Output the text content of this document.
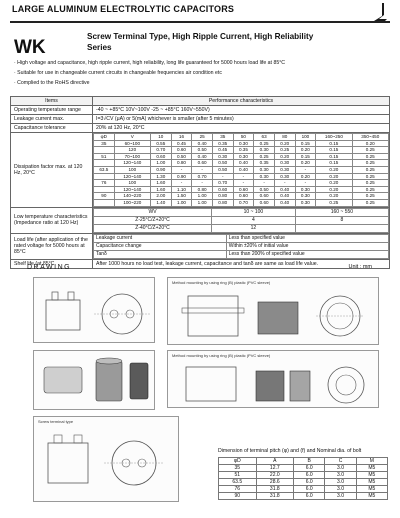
LARGE ALUMINUM ELECTROLYTIC CAPACITORS
WK
Screw Terminal Type, High Ripple Current, High Reliability Series
· High voltage and capacitance, high ripple current, high reliability, long life guaranteed for 5000 hours load life at 85°C
· Suitable for use in changeable current circuits in changeable frequencies air condition etc
· Complied to the RoHS directive
Items	Performance characteristics
Operating temperature range	-40 ~ +85°C 10V~100V -25 ~ +85°C 160V~550V)
Leakage current max.	I=3√CV (μA) or 5(mA) whichever is smaller (after 5 minutes)
Capacitance tolerance	20% at 120 Hz, 20°C
Dissipation factor max. at 120 Hz, 20°C	
φD	V	10	16	25	35	50	63	80	100	160~250	350~450
35	60~100	0.55	0.45	0.40	0.35	0.30	0.25	0.20	0.15	0.15	0.20
	120	0.70	0.60	0.50	0.45	0.35	0.30	0.25	0.20	0.15	0.25
51	70~100	0.60	0.50	0.40	0.30	0.30	0.25	0.20	0.15	0.15	0.25
	120~140	1.00	0.80	0.60	0.50	0.40	0.35	0.30	0.20	0.15	0.25
63.5	100	0.90	-	-	0.50	0.40	0.30	0.30	-	0.20	0.25
	120~140	1.30	0.90	0.70	-	-	0.30	0.30	0.20	0.20	0.25
76	100	1.60	-	-	0.70	-	-	-	-	0.20	0.25
	120~140	1.60	1.10	0.80	0.60	0.60	0.50	0.40	0.30	0.20	0.25
90	140~220	2.00	1.50	1.00	0.80	0.60	0.60	0.40	0.30	0.20	0.25
	100~220	1.40	1.00	1.00	0.80	0.70	0.60	0.40	0.30	0.25	0.25

Low temperature characteristics (Impedance ratio at 120 Hz)	
WV	10 ~ 100	160 ~ 550
Z-25°C/Z+20°C	4	8
Z-40°C/Z+20°C	12	

Load life (after application of the rated voltage for 5000 hours at 85°C	
Leakage current	Less than specified value
Capacitance change	Within ±20% of initial value
Tanδ	Less than 200% of specified value

Shelf life (at 85°C	After 1000 hours no load test, leakage current, capacitance and tanδ are same as load life value.
DRAWING	Unit : mm
Method mounting by using ring (B) plastic (PVC sleeve)
Method mounting by using ring (B) plastic (PVC sleeve)
Screw terminal type
Dimension of terminal pitch (φ) and (f) and Nominal dia. of bolt
φD	A	B	C	M
35	12.7	6.0	3.0	M5
51	22.0	6.0	3.0	M5
63.5	28.6	6.0	3.0	M5
76	31.8	6.0	3.0	M5
90	31.8	6.0	3.0	M5
